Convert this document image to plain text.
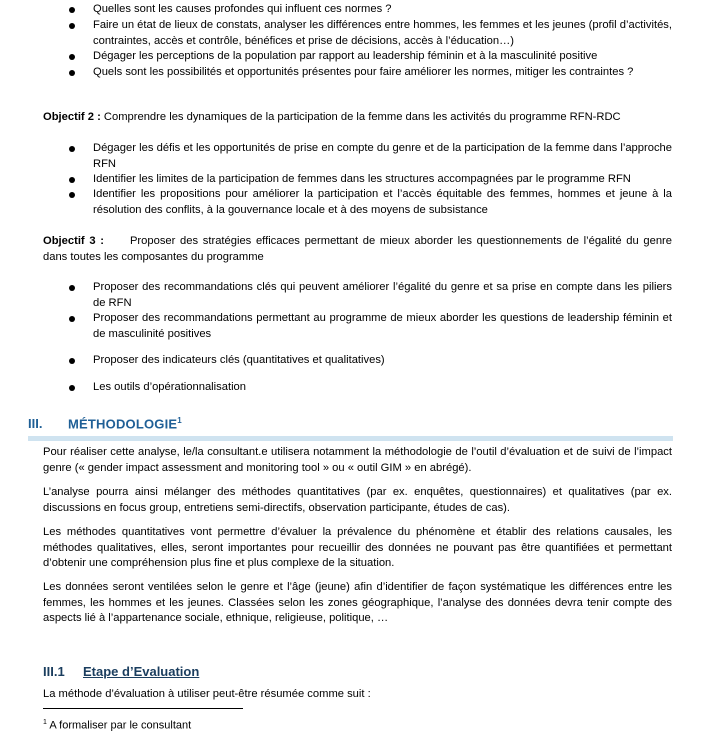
Quelles sont les causes profondes qui influent ces normes ?
Faire un état de lieux de constats, analyser les différences entre hommes, les femmes et les jeunes (profil d’activités, contraintes, accès et contrôle, bénéfices et prise de décisions, accès à l’éducation…)
Dégager les perceptions de la population par rapport au leadership féminin et à la masculinité positive
Quels sont les possibilités et opportunités présentes pour faire améliorer les normes, mitiger les contraintes ?
Objectif 2 : Comprendre les dynamiques de la participation de la femme dans les activités du programme RFN-RDC
Dégager les défis et les opportunités de prise en compte du genre et de la participation de la femme dans l’approche RFN
Identifier les limites de la participation de femmes dans les structures accompagnées par le programme RFN
Identifier les propositions pour améliorer la participation et l’accès équitable des femmes, hommes et jeune à la résolution des conflits, à la gouvernance locale et à des moyens de subsistance
Objectif 3 : Proposer des stratégies efficaces permettant de mieux aborder les questionnements de l’égalité du genre dans toutes les composantes du programme
Proposer des recommandations clés qui peuvent améliorer l’égalité du genre et sa prise en compte dans les piliers de RFN
Proposer des recommandations permettant au programme de mieux aborder les questions de leadership féminin et de masculinité positives
Proposer des indicateurs clés (quantitatives et qualitatives)
Les outils d’opérationnalisation
III. MÉTHODOLOGIE$^1$
Pour réaliser cette analyse, le/la consultant.e utilisera notamment la méthodologie de l’outil d’évaluation et de suivi de l’impact genre (« gender impact assessment and monitoring tool » ou « outil GIM » en abrégé).
L’analyse pourra ainsi mélanger des méthodes quantitatives (par ex. enquêtes, questionnaires) et qualitatives (par ex. discussions en focus group, entretiens semi-directifs, observation participante, études de cas).
Les méthodes quantitatives vont permettre d’évaluer la prévalence du phénomène et établir des relations causales, les méthodes qualitatives, elles, seront importantes pour recueillir des données ne pouvant pas être quantifiées et permettant d’obtenir une compréhension plus fine et plus complexe de la situation.
Les données seront ventilées selon le genre et l’âge (jeune) afin d’identifier de façon systématique les différences entre les femmes, les hommes et les jeunes. Classées selon les zones géographique, l’analyse des données devra tenir compte des aspects lié à l’appartenance sociale, ethnique, religieuse, politique, …
III.1 Etape d’Evaluation
La méthode d’évaluation à utiliser peut-être résumée comme suit :
$^1$ A formaliser par le consultant
